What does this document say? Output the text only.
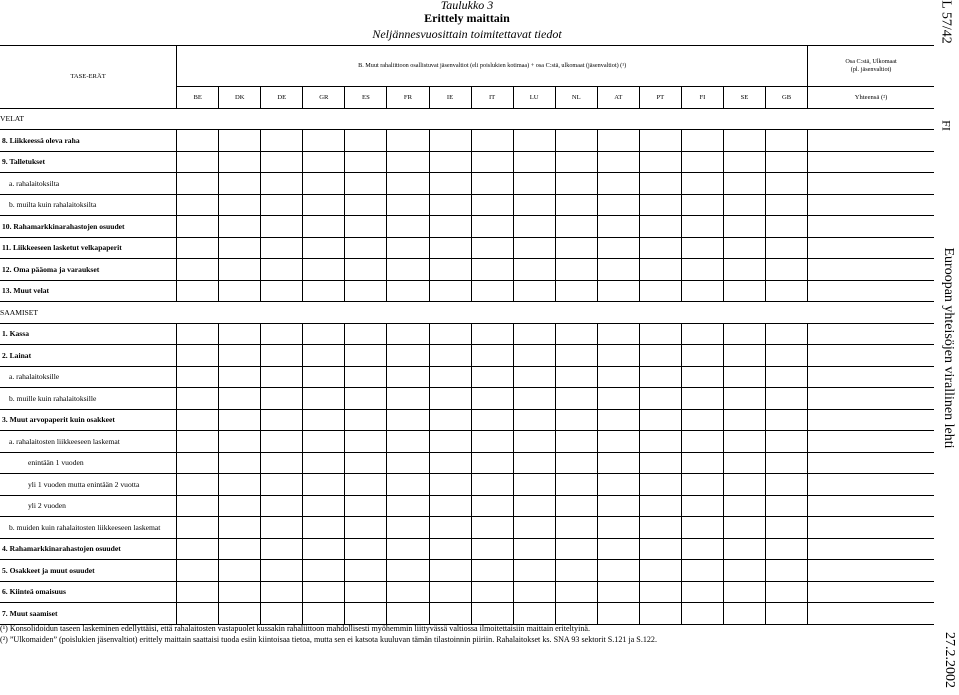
Taulukko 3
Erittely maittain
Neljännesvuosittain toimitettavat tiedot	L 57/42
FI
Euroopan yhteisöjen virallinen lehti
27.2.2002
TASE-ERÄT	B. Muut rahaliittoon osallistuvat jäsenvaltiot (eli poislukien kotimaa) + osa C:stä, ulkomaat (jäsenvaltiot) (¹)															Osa C:stä, Ulkomaat
(pl. jäsenvaltiot)

	BE	DK	DE	GR	ES	FR	IE	IT	LU	NL	AT	PT	FI	SE	GB	Yhteensä (²)
VELAT																
8. Liikkeessä oleva raha																
9. Talletukset																
a. rahalaitoksilta																
b. muilta kuin rahalaitoksilta																
10. Rahamarkkinarahastojen osuudet																
11. Liikkeeseen lasketut velkapaperit																
12. Oma pääoma ja varaukset																
13. Muut velat																
SAAMISET																
1. Kassa																
2. Lainat																
a. rahalaitoksille																
b. muille kuin rahalaitoksille																
3. Muut arvopaperit kuin osakkeet																
a. rahalaitosten liikkeeseen laskemat																
enintään 1 vuoden																
yli 1 vuoden mutta enintään 2 vuotta																
yli 2 vuoden																
b. muiden kuin rahalaitosten liikkeeseen laskemat																
4. Rahamarkkinarahastojen osuudet																
5. Osakkeet ja muut osuudet																
6. Kiinteä omaisuus																
7. Muut saamiset																
(¹) Konsolidoidun taseen laskeminen edellyttäisi, että rahalaitosten vastapuolet kussakin rahaliittoon mahdollisesti myöhemmin liittyvässä valtiossa ilmoitettaisiin maittain eriteltyinä.
(²) ”Ulkomaiden” (poislukien jäsenvaltiot) erittely maittain saattaisi tuoda esiin kiintoisaa tietoa, mutta sen ei katsota kuuluvan tämän tilastoinnin piiriin. Rahalaitokset ks. SNA 93 sektorit S.121 ja S.122.
